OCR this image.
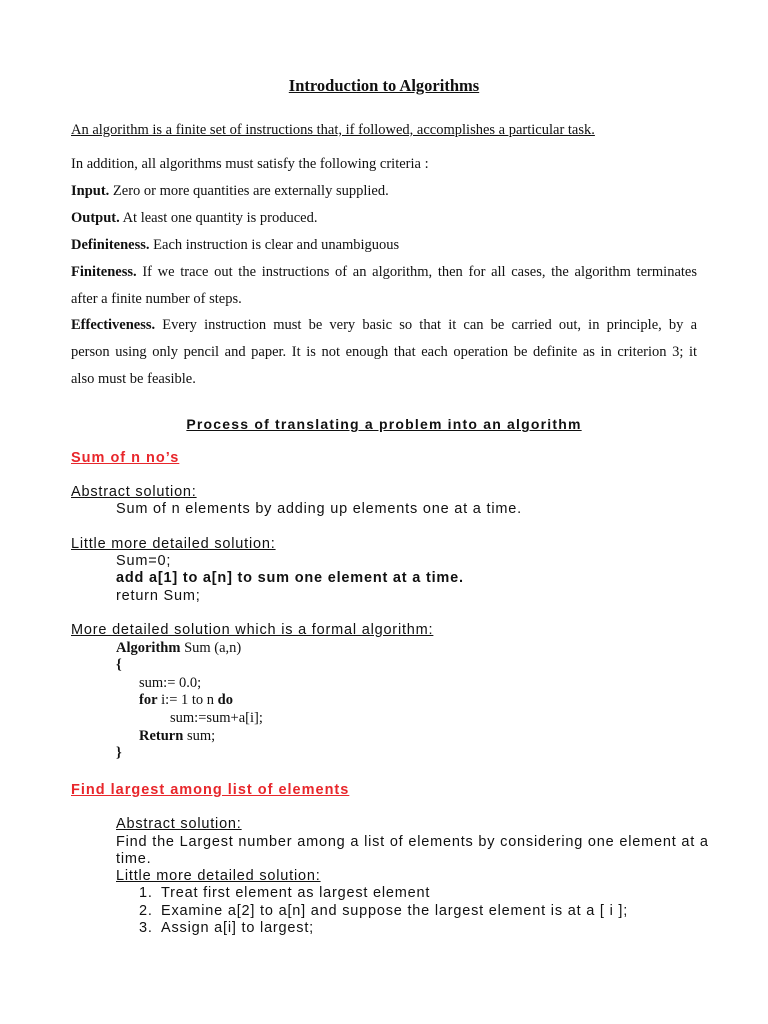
Introduction to Algorithms
An algorithm is a finite set of instructions that, if followed, accomplishes a particular task.
In addition, all algorithms must satisfy the following criteria :
Input. Zero or more quantities are externally supplied.
Output. At least one quantity is produced.
Definiteness. Each instruction is clear and unambiguous
Finiteness. If we trace out the instructions of an algorithm, then for all cases, the algorithm terminates
after a finite number of steps.
Effectiveness. Every instruction must be very basic so that it can be carried out, in principle, by a
person using only pencil and paper. It is not enough that each operation be definite as in criterion 3; it
also must be feasible.
Process of translating a problem into an algorithm
Sum of n no’s
Abstract solution:
Sum of n elements by adding up elements one at a time.
Little more detailed solution:
Sum=0;
add a[1] to a[n] to sum one element at a time.
return Sum;
More detailed solution which is a formal algorithm:
Algorithm Sum (a,n)
{
sum:= 0.0;
for i:= 1 to n do
sum:=sum+a[i];
Return sum;
}
Find largest among list of elements
Abstract solution:
Find the Largest number among a list of elements by considering one element at a
time.
Little more detailed solution:
1. Treat first element as largest element
2. Examine a[2] to a[n] and suppose the largest element is at a [ i ];
3. Assign a[i] to largest;
